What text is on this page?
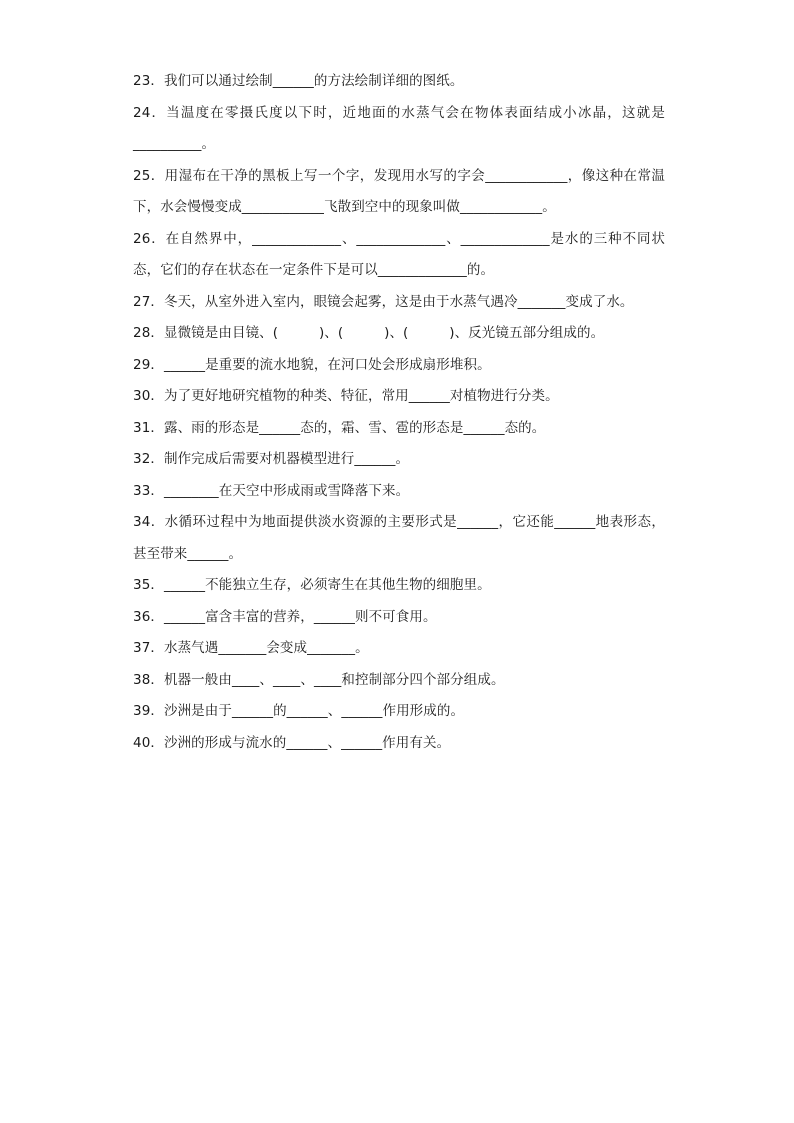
23．我们可以通过绘制______的方法绘制详细的图纸。
24．当温度在零摄氏度以下时，近地面的水蒸气会在物体表面结成小冰晶，这就是__________。
25．用湿布在干净的黑板上写一个字，发现用水写的字会____________，像这种在常温下，水会慢慢变成____________飞散到空中的现象叫做____________。
26．在自然界中，_____________、_____________、_____________是水的三种不同状态，它们的存在状态在一定条件下是可以_____________的。
27．冬天，从室外进入室内，眼镜会起雾，这是由于水蒸气遇冷_______变成了水。
28．显微镜是由目镜、(　　　)、(　　　)、(　　　)、反光镜五部分组成的。
29．______是重要的流水地貌，在河口处会形成扇形堆积。
30．为了更好地研究植物的种类、特征，常用______对植物进行分类。
31．露、雨的形态是______态的，霜、雪、雹的形态是______态的。
32．制作完成后需要对机器模型进行______。
33．________在天空中形成雨或雪降落下来。
34．水循环过程中为地面提供淡水资源的主要形式是______，它还能______地表形态，甚至带来______。
35．______不能独立生存，必须寄生在其他生物的细胞里。
36．______富含丰富的营养，______则不可食用。
37．水蒸气遇_______会变成_______。
38．机器一般由____、____、____和控制部分四个部分组成。
39．沙洲是由于______的______、______作用形成的。
40．沙洲的形成与流水的______、______作用有关。
